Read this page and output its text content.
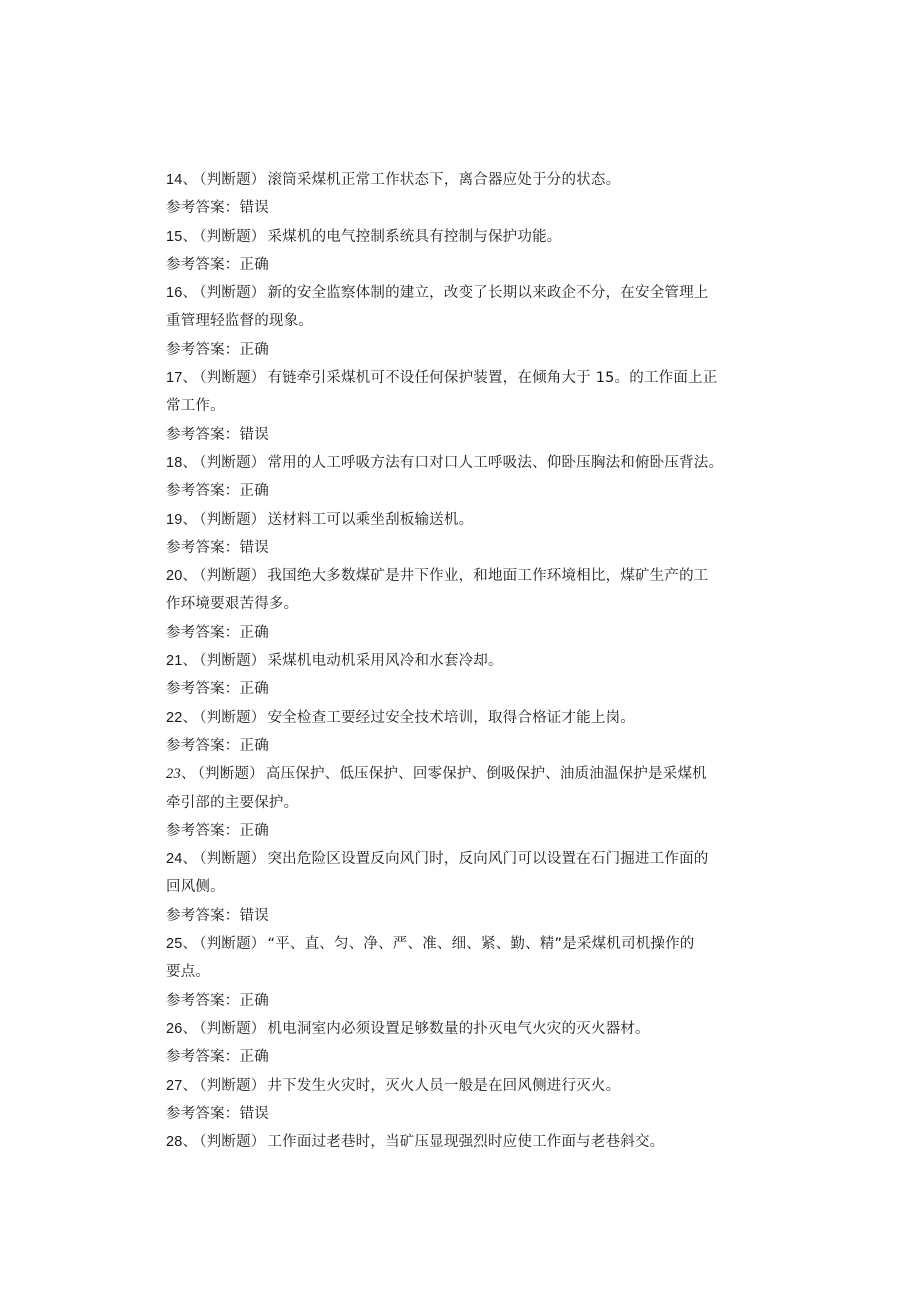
14、 （判断题） 滚筒采煤机正常工作状态下，离合器应处于分的状态。
参考答案：错误
15、 （判断题） 采煤机的电气控制系统具有控制与保护功能。
参考答案：正确
16、 （判断题） 新的安全监察体制的建立，改变了长期以来政企不分，在安全管理上
重管理轻监督的现象。
参考答案：正确
17、 （判断题） 有链牵引采煤机可不设任何保护装置，在倾角大于 15。的工作面上正
常工作。
参考答案：错误
18、 （判断题） 常用的人工呼吸方法有口对口人工呼吸法、仰卧压胸法和俯卧压背法。
参考答案：正确
19、 （判断题） 送材料工可以乘坐刮板输送机。
参考答案：错误
20、 （判断题） 我国绝大多数煤矿是井下作业，和地面工作环境相比，煤矿生产的工
作环境要艰苦得多。
参考答案：正确
21、 （判断题） 采煤机电动机采用风冷和水套冷却。
参考答案：正确
22、 （判断题） 安全检查工要经过安全技术培训，取得合格证才能上岗。
参考答案：正确
23、 （判断题） 高压保护、低压保护、回零保护、倒吸保护、油质油温保护是采煤机
牵引部的主要保护。
参考答案：正确
24、 （判断题） 突出危险区设置反向风门时，反向风门可以设置在石门掘进工作面的
回风侧。
参考答案：错误
25、 （判断题） “平、直、匀、净、严、准、细、紧、勤、精”是采煤机司机操作的
要点。
参考答案：正确
26、 （判断题） 机电洞室内必须设置足够数量的扑灭电气火灾的灭火器材。
参考答案：正确
27、 （判断题） 井下发生火灾时，灭火人员一般是在回风侧进行灭火。
参考答案：错误
28、 （判断题） 工作面过老巷时，当矿压显现强烈时应使工作面与老巷斜交。
